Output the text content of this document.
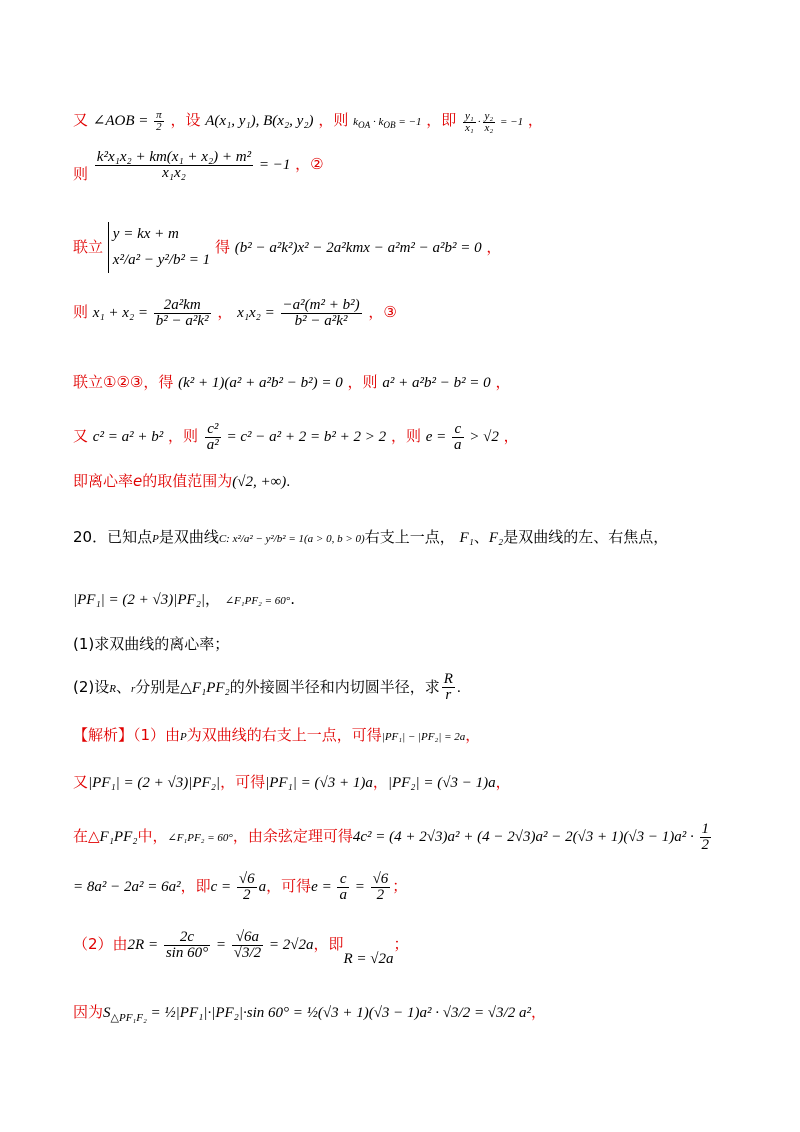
又 ∠AOB = $\frac{\pi}{2}$ ，设 A(x₁, y₁), B(x₂, y₂) ，则 $k_{OA} \cdot k_{OB} = -1$ ，即 $\frac{\text{y₁}}{\text{x₁}} \cdot \frac{\text{y₂}}{\text{x₂}} = -1$ ，
则 $\frac{\text{k²x₁x₂ + km(x₁ + x₂) + m²}}{\text{x₁x₂}} = -1$ ，②
联立
y = kx + m
x²/a² − y²/b² = 1
得 (b² − a²k²)x² − 2a²kmx − a²m² − a²b² = 0 ，
则 $x_1 + x_2 = \frac{\text{2a²km}}{\text{b² − a²k²}}$ ， $x_1x_2 = \frac{\text{−a²(m² + b²)}}{\text{b² − a²k²}}$ ，③
联立①②③，得 (k² + 1)(a² + a²b² − b²) = 0 ，则 a² + a²b² − b² = 0 ，
又 c² = a² + b² ，则 $\frac{\text{c²}}{\text{a²}} = c^2 - a^2 + 2 = b^2 + 2 > 2$ ，则 $e = \frac{c}{a} > √2$ ，
即离心率e的取值范围为(√2, +∞).
20．已知点P是双曲线C: x²/a² − y²/b² = 1(a > 0, b > 0)右支上一点， F₁、F₂是双曲线的左、右焦点，
|PF₁| = (2 + √3)|PF₂|， ∠F₁PF₂ = 60°.
(1)求双曲线的离心率；
(2)设R、r分别是△F₁PF₂的外接圆半径和内切圆半径，求 $\frac{R}{r}$ .
【解析】（1）由P为双曲线的右支上一点，可得|PF₁| − |PF₂| = 2a，
又|PF₁| = (2 + √3)|PF₂|，可得|PF₁| = (√3 + 1)a，|PF₂| = (√3 − 1)a，
在△F₁PF₂中，∠F₁PF₂ = 60°，由余弦定理可得$4c^2 = (4 + 2√3)a^2 + (4 - 2√3)a^2 - 2(√3 + 1)(√3 - 1)a^2 \cdot \frac{1}{2}$
= 8a² − 2a² = 6a²，即$c = \frac{√6}{2}$ a，可得$e = \frac{c}{a} = \frac{√6}{2}$ ；
（2）由$2R = \frac{2c}{\sin 60^\circ} = \frac{√6a}{√3/2} = 2√2a$，即R = √2a；
因为$S_{\triangle PF_1F_2}$ = ½|PF₁|·|PF₂|·sin 60° = ½(√3 + 1)(√3 − 1)a² · √3/2 = √3/2 a²，
